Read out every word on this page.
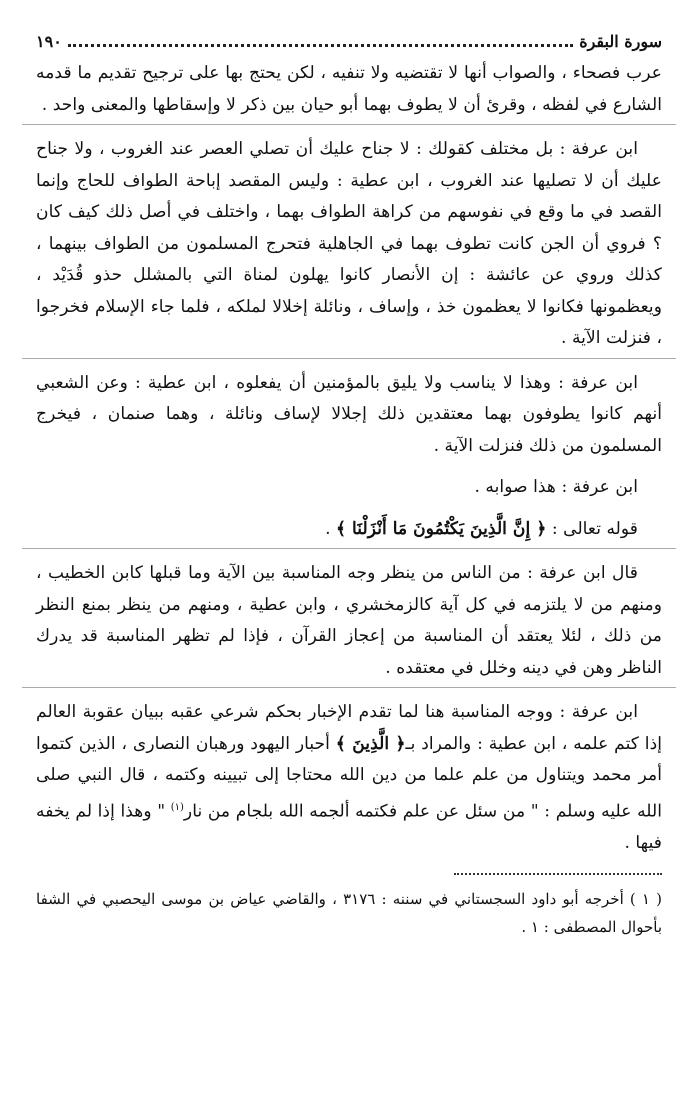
١٩٠	سورة البقرة

عرب فصحاء ، والصواب أنها لا تقتضيه ولا تنفيه ، لكن يحتج بها على ترجيح تقديم ما قدمه الشارع في لفظه ، وقرئ أن لا يطوف بهما أبو حيان بين ذكر لا وإسقاطها والمعنى واحد .

ابن عرفة : بل مختلف كقولك : لا جناح عليك أن تصلي العصر عند الغروب ، ولا جناح عليك أن لا تصليها عند الغروب ، ابن عطية : وليس المقصد إباحة الطواف للحاج وإنما القصد في ما وقع في نفوسهم من كراهة الطواف بهما ، واختلف في أصل ذلك كيف كان ؟ فروي أن الجن كانت تطوف بهما في الجاهلية فتحرج المسلمون من الطواف بينهما ، كذلك وروي عن عائشة : إن الأنصار كانوا يهلون لمناة التي بالمشلل حذو قُدَيْد ، ويعظمونها فكانوا لا يعظمون خذ ، وإساف ، ونائلة إخلالا لملكه ، فلما جاء الإسلام فخرجوا ، فنزلت الآية .

ابن عرفة : وهذا لا يناسب ولا يليق بالمؤمنين أن يفعلوه ، ابن عطية : وعن الشعبي أنهم كانوا يطوفون بهما معتقدين ذلك إجلالا لإساف ونائلة ، وهما صنمان ، فيخرج المسلمون من ذلك فنزلت الآية .

ابن عرفة : هذا صوابه .

قوله تعالى : ﴿ إِنَّ الَّذِينَ يَكْتُمُونَ مَا أَنْزَلْنَا ﴾ .

قال ابن عرفة : من الناس من ينظر وجه المناسبة بين الآية وما قبلها كابن الخطيب ، ومنهم من لا يلتزمه في كل آية كالزمخشري ، وابن عطية ، ومنهم من ينظر بمنع النظر من ذلك ، لئلا يعتقد أن المناسبة من إعجاز القرآن ، فإذا لم تظهر المناسبة قد يدرك الناظر وهن في دينه وخلل في معتقده .

ابن عرفة : ووجه المناسبة هنا لما تقدم الإخبار بحكم شرعي عقبه ببيان عقوبة العالم إذا كتم علمه ، ابن عطية : والمراد بـ﴿ الَّذِينَ ﴾ أحبار اليهود ورهبان النصارى ، الذين كتموا أمر محمد ويتناول من علم علما من دين الله محتاجا إلى تبيينه وكتمه ، قال النبي صلى الله عليه وسلم : " من سئل عن علم فكتمه ألجمه الله بلجام من نار$^{(١)}$ " وهذا إذا لم يخفه فيها .

( ١ ) أخرجه أبو داود السجستاني في سننه : ٣١٧٦ ، والقاضي عياض بن موسى اليحصبي في الشفا بأحوال المصطفى : ١ .
